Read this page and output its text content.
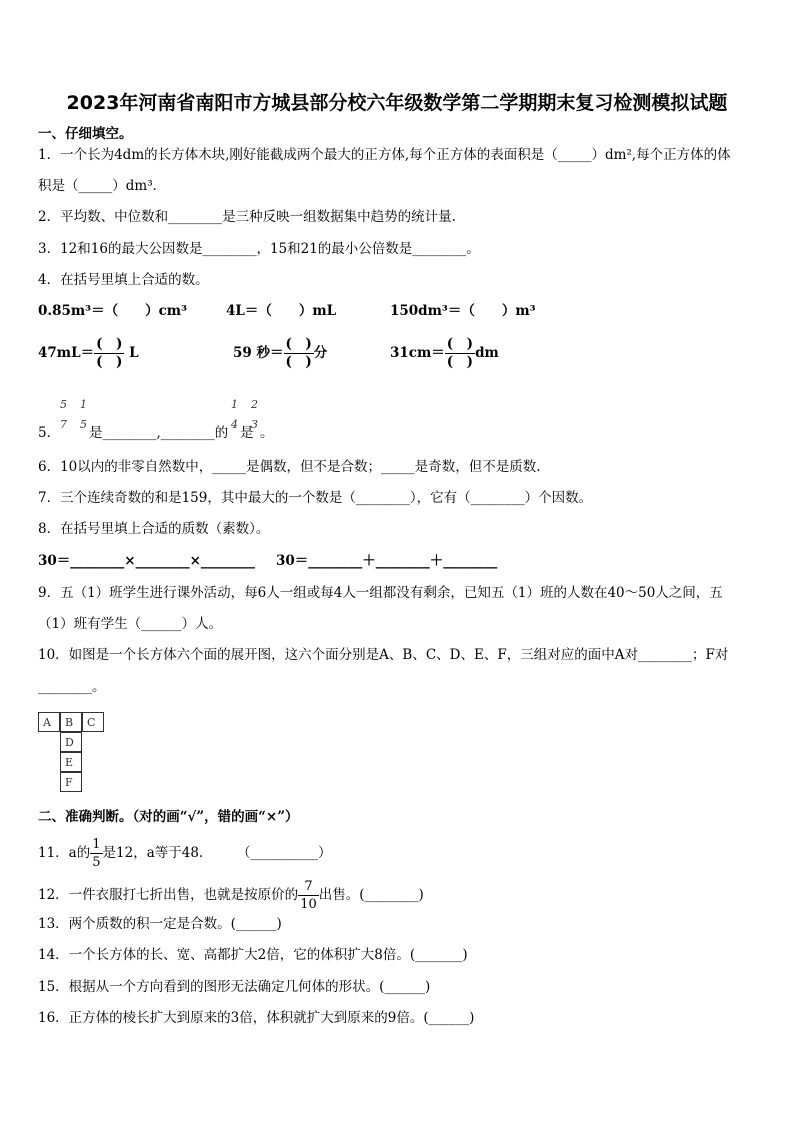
2023年河南省南阳市方城县部分校六年级数学第二学期期末复习检测模拟试题
一、仔细填空。
1．一个长为4dm的长方体木块,刚好能截成两个最大的正方体,每个正方体的表面积是（_____）dm²,每个正方体的体
积是（_____）dm³．
2．平均数、中位数和________是三种反映一组数据集中趋势的统计量.
3．12和16的最大公因数是________，15和21的最小公倍数是________。
4．在括号里填上合适的数。
0.85m³＝（　　）cm³	4L＝（　　）mL	150dm³＝（　　）m³
$47mL= \frac{( )}{( )}$ L	59 秒＝ $\frac{( )}{( )}$ 分	$31cm= \frac{( )}{( )}$ dm
5
7
1
5
1
4
2
3
5． 是________,________的 是 。
6．10以内的非零自然数中，_____是偶数，但不是合数；_____是奇数，但不是质数.
7．三个连续奇数的和是159，其中最大的一个数是（________），它有（________）个因数。
8．在括号里填上合适的质数（素数）。
30＝________×________×________ 30＝________＋________＋________
9．五（1）班学生进行课外活动，每6人一组或每4人一组都没有剩余，已知五（1）班的人数在40～50人之间，五
（1）班有学生（______）人。
10．如图是一个长方体六个面的展开图，这六个面分别是A、B、C、D、E、F，三组对应的面中A对________；F对
________。
A	B	C
D
E
F
二、准确判断。（对的画“√”，错的画“×”）
11．a的 $\frac{1}{5}$ 是12，a等于48.　　　（__________）
12．一件衣服打七折出售，也就是按原价的 $\frac{7}{10}$ 出售。(________)
13．两个质数的积一定是合数。(______)
14．一个长方体的长、宽、高都扩大2倍，它的体积扩大8倍。(_______)
15．根据从一个方向看到的图形无法确定几何体的形状。(______)
16．正方体的棱长扩大到原来的3倍，体积就扩大到原来的9倍。(______)
